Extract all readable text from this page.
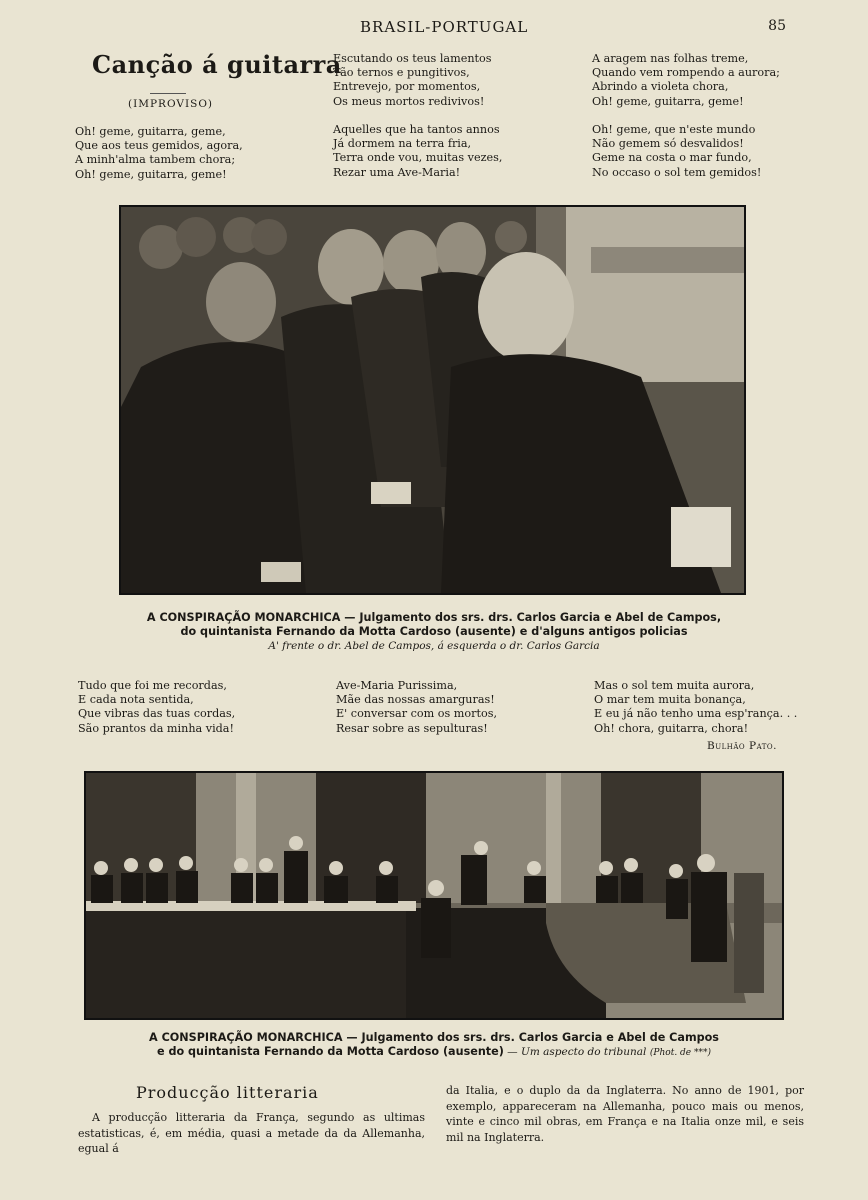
BRASIL-PORTUGAL	85
Canção á guitarra
(IMPROVISO)
Oh! geme, guitarra, geme,
Que aos teus gemidos, agora,
A minh'alma tambem chora;
Oh! geme, guitarra, geme!
Escutando os teus lamentos
Tão ternos e pungitivos,
Entrevejo, por momentos,
Os meus mortos redivivos!
Aquelles que ha tantos annos
Já dormem na terra fria,
Terra onde vou, muitas vezes,
Rezar uma Ave-Maria!
A aragem nas folhas treme,
Quando vem rompendo a aurora;
Abrindo a violeta chora,
Oh! geme, guitarra, geme!
Oh! geme, que n'este mundo
Não gemem só desvalidos!
Geme na costa o mar fundo,
No occaso o sol tem gemidos!
A CONSPIRAÇÃO MONARCHICA — Julgamento dos srs. drs. Carlos Garcia e Abel de Campos,
do quintanista Fernando da Motta Cardoso (ausente) e d'alguns antigos policias
A' frente o dr. Abel de Campos, á esquerda o dr. Carlos Garcia
Tudo que foi me recordas,
E cada nota sentida,
Que vibras das tuas cordas,
São prantos da minha vida!
Ave-Maria Purissima,
Mãe das nossas amarguras!
E' conversar com os mortos,
Resar sobre as sepulturas!
Mas o sol tem muita aurora,
O mar tem muita bonança,
E eu já não tenho uma esp'rança. . .
Oh! chora, guitarra, chora!
Bulhão Pato.
A CONSPIRAÇÃO MONARCHICA — Julgamento dos srs. drs. Carlos Garcia e Abel de Campos
e do quintanista Fernando da Motta Cardoso (ausente) — Um aspecto do tribunal (Phot. de ***)
Producção litteraria
A producção litteraria da França, segundo as ultimas estatisticas, é, em média, quasi a metade da da Allemanha, egual á
da Italia, e o duplo da da Inglaterra. No anno de 1901, por exemplo, appareceram na Allemanha, pouco mais ou menos, vinte e cinco mil obras, em França e na Italia onze mil, e seis mil na Inglaterra.
